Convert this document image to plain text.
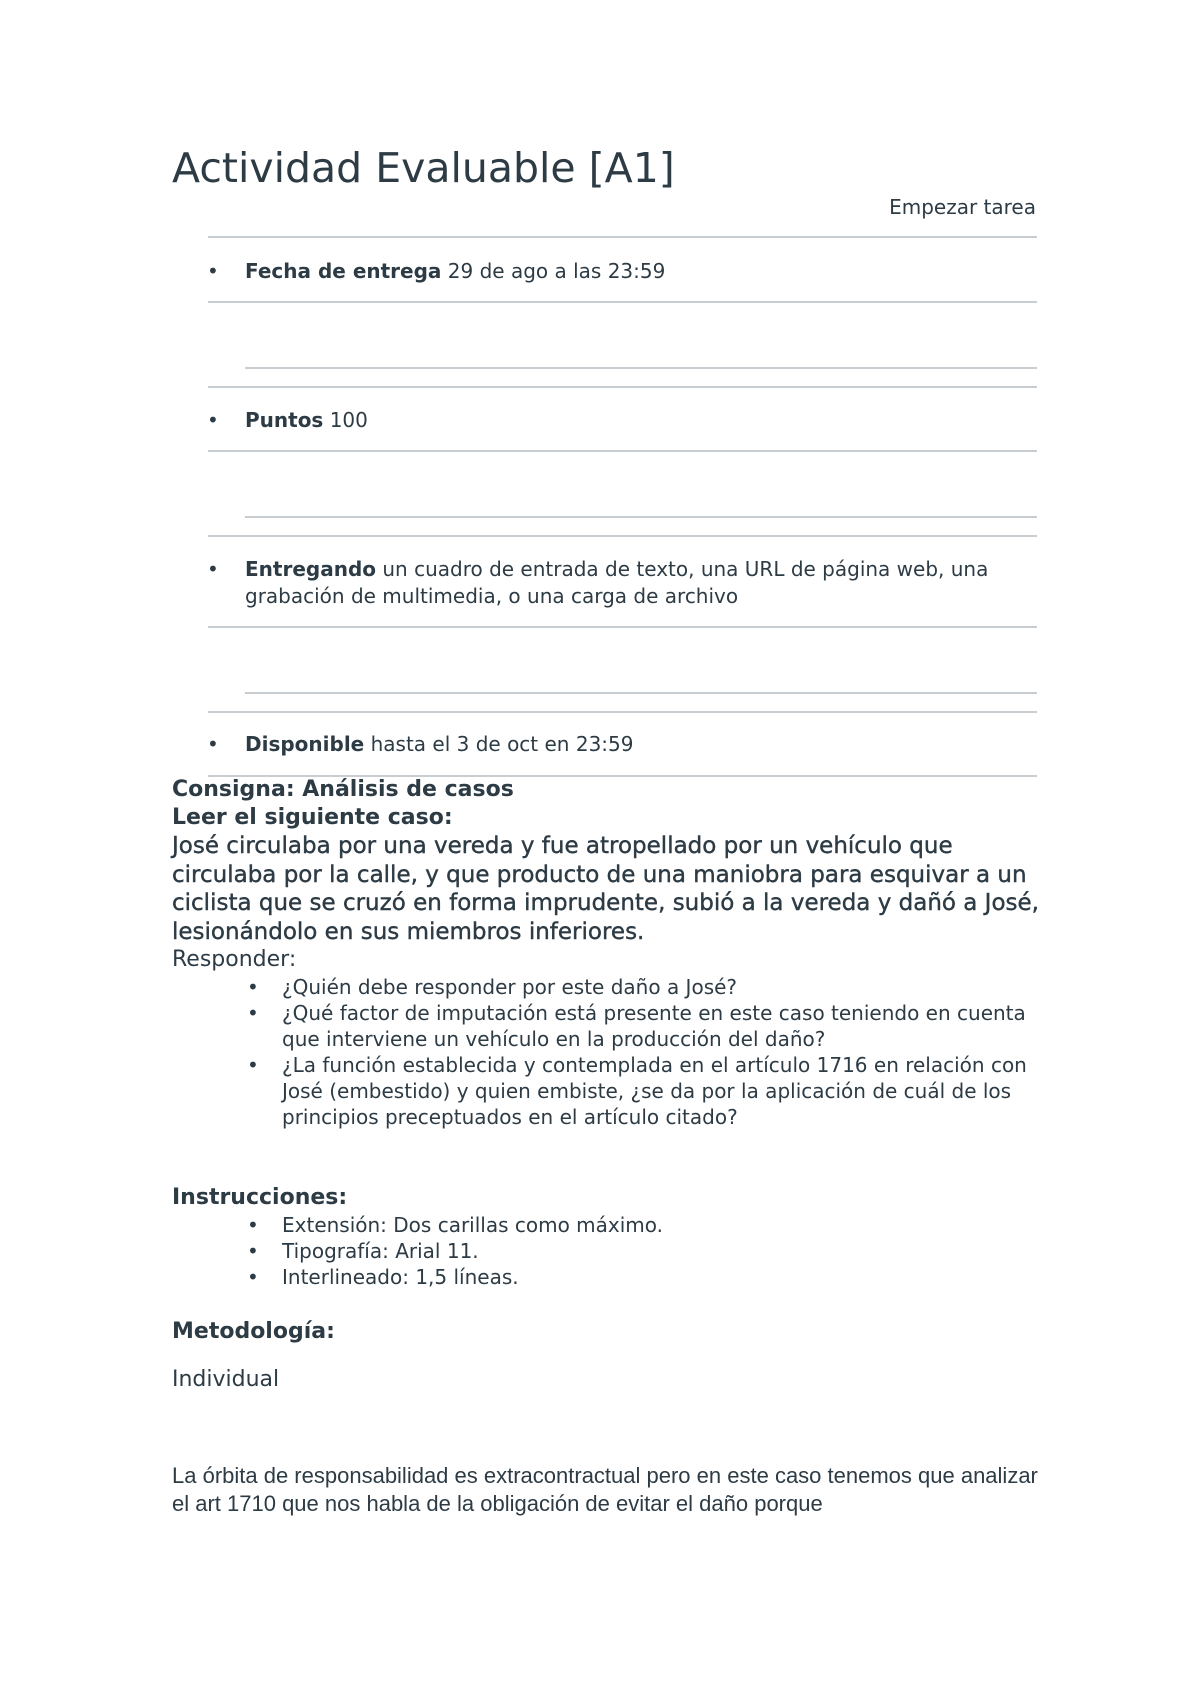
Actividad Evaluable [A1]
Empezar tarea
• Fecha de entrega 29 de ago a las 23:59
• Puntos 100
• Entregando un cuadro de entrada de texto, una URL de página web, una grabación de multimedia, o una carga de archivo
• Disponible hasta el 3 de oct en 23:59
Consigna: Análisis de casos
Leer el siguiente caso:
José circulaba por una vereda y fue atropellado por un vehículo que circulaba por la calle, y que producto de una maniobra para esquivar a un ciclista que se cruzó en forma imprudente, subió a la vereda y dañó a José, lesionándolo en sus miembros inferiores.
Responder:
• ¿Quién debe responder por este daño a José?
• ¿Qué factor de imputación está presente en este caso teniendo en cuenta que interviene un vehículo en la producción del daño?
• ¿La función establecida y contemplada en el artículo 1716 en relación con José (embestido) y quien embiste, ¿se da por la aplicación de cuál de los principios preceptuados en el artículo citado?
Instrucciones:
• Extensión: Dos carillas como máximo.
• Tipografía: Arial 11.
• Interlineado: 1,5 líneas.
Metodología:
Individual
La órbita de responsabilidad es extracontractual pero en este caso tenemos que analizar el art 1710 que nos habla de la obligación de evitar el daño porque
